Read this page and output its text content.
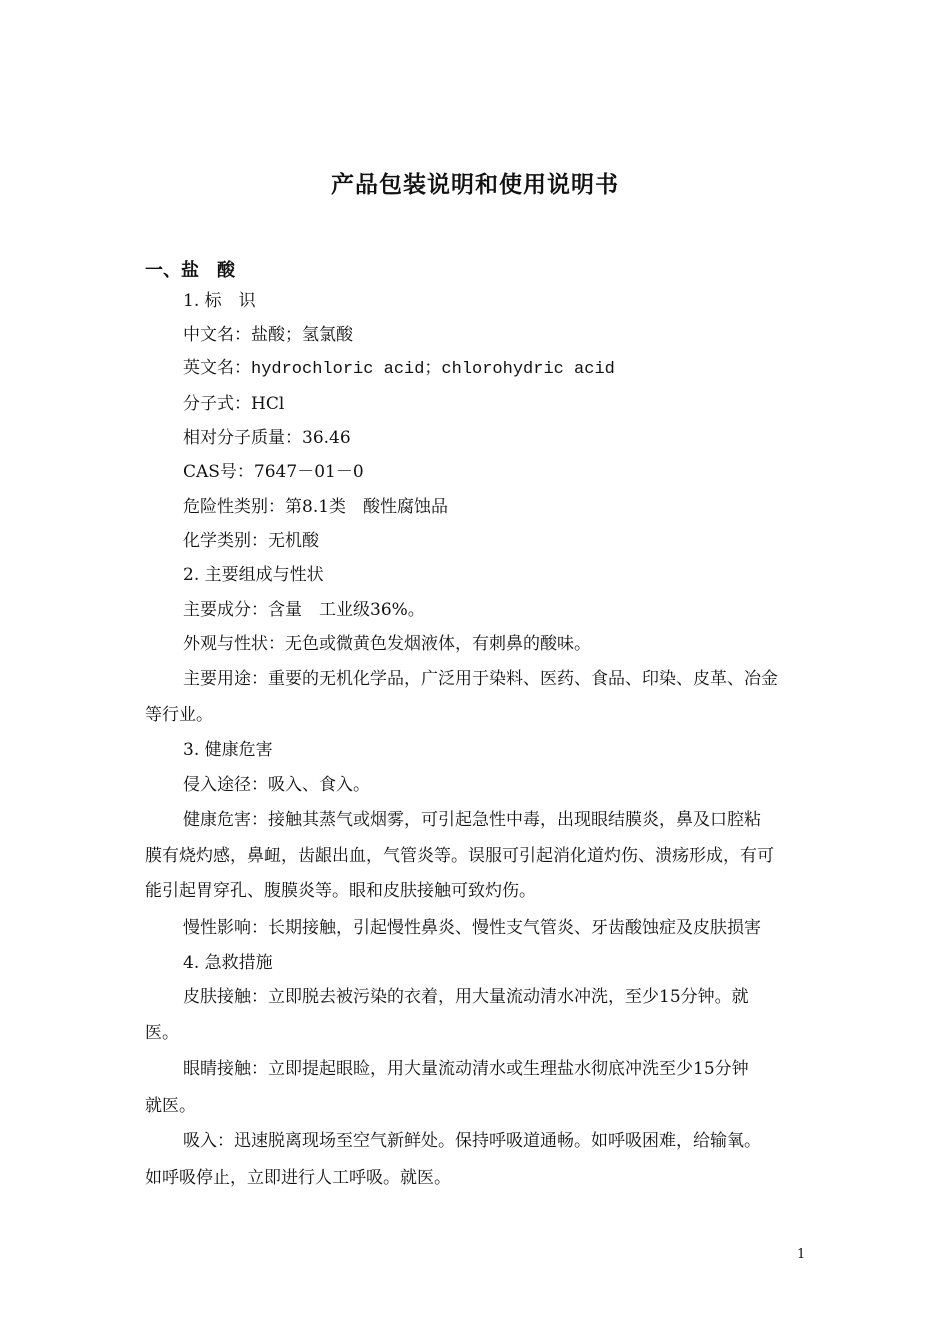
产品包装说明和使用说明书
一、盐　酸
1. 标　识
中文名：盐酸；氢氯酸
英文名：hydrochloric acid；chlorohydric acid
分子式：HCl
相对分子质量：36.46
CAS号：7647－01－0
危险性类别：第8.1类　酸性腐蚀品
化学类别：无机酸
2. 主要组成与性状
主要成分：含量　工业级36%。
外观与性状：无色或微黄色发烟液体，有刺鼻的酸味。
主要用途：重要的无机化学品，广泛用于染料、医药、食品、印染、皮革、冶金
等行业。
3. 健康危害
侵入途径：吸入、食入。
健康危害：接触其蒸气或烟雾，可引起急性中毒，出现眼结膜炎，鼻及口腔粘
膜有烧灼感，鼻衄，齿龈出血，气管炎等。误服可引起消化道灼伤、溃疡形成，有可
能引起胃穿孔、腹膜炎等。眼和皮肤接触可致灼伤。
慢性影响：长期接触，引起慢性鼻炎、慢性支气管炎、牙齿酸蚀症及皮肤损害
4. 急救措施
皮肤接触：立即脱去被污染的衣着，用大量流动清水冲洗，至少15分钟。就
医。
眼睛接触：立即提起眼睑，用大量流动清水或生理盐水彻底冲洗至少15分钟
就医。
吸入：迅速脱离现场至空气新鲜处。保持呼吸道通畅。如呼吸困难，给输氧。
如呼吸停止，立即进行人工呼吸。就医。
1
